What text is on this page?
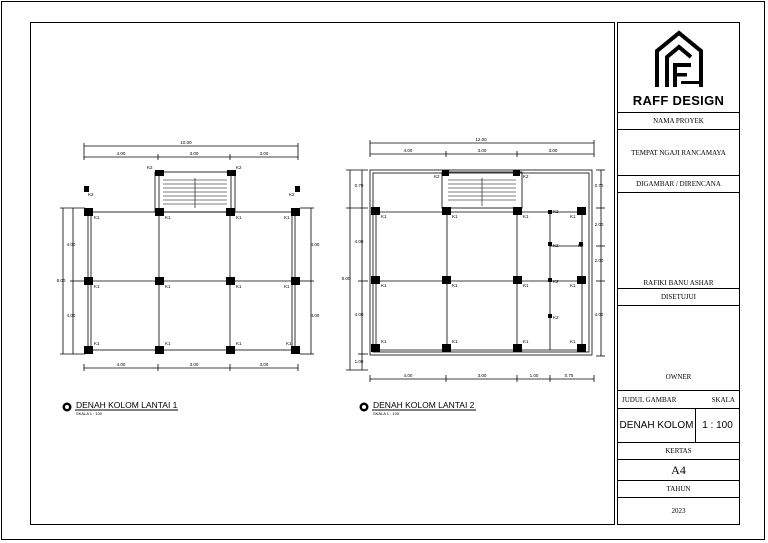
10.00
4.00	3.00	3.00
4.00	3.00	3.00
4.00
4.00
8.00
4.00
4.00
K1	K1	K1	K1
K1	K1	K1	K1
K1	K1	K1	K1
K2	K2
K2	K2
12.00
4.00	3.00	3.00
4.00	3.00	1.00	0.75
0.70
4.00
4.00
1.00
8.00
0.70
2.00
2.00
4.00
K1	K1	K1	K1
K1	K1	K1	K1
K1	K1	K1	K1
K2	K2
K2
K2
K2
K2
K2
DENAH KOLOM LANTAI 1
SKALA 1 : 100
DENAH KOLOM LANTAI 2
SKALA 1 : 100
RAFF DESIGN
NAMA PROYEK
TEMPAT NGAJI RANCAMAYA
DIGAMBAR / DIRENCANA
RAFIKI BANU ASHAR
DISETUJUI
OWNER
JUDUL GAMBAR	SKALA
DENAH KOLOM 1 : 100
KERTAS
A4
TAHUN
2023
